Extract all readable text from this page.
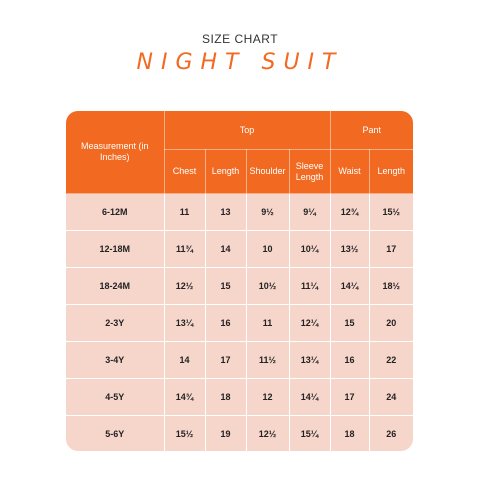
SIZE CHART
NIGHT SUIT
Measurement (in Inches)	Top				Pant	
	Chest	Length	Shoulder	Sleeve Length	Waist	Length
6-12M	11	13	9½	9¼	12¾	15½
12-18M	11¾	14	10	10¼	13½	17
18-24M	12½	15	10½	11¼	14¼	18½
2-3Y	13¼	16	11	12¼	15	20
3-4Y	14	17	11½	13¼	16	22
4-5Y	14¾	18	12	14¼	17	24
5-6Y	15½	19	12½	15¼	18	26
